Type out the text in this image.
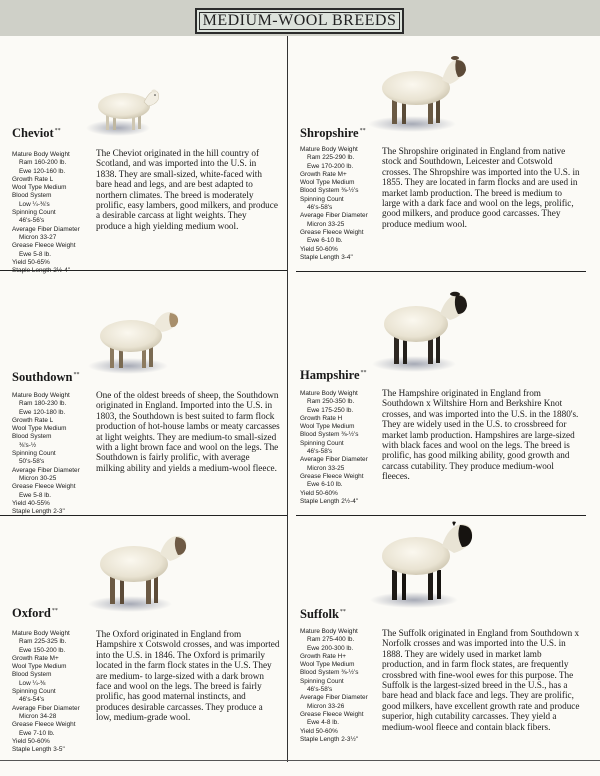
MEDIUM-WOOL BREEDS
Cheviot**
Mature Body Weight
Ram 160-200 lb.
Ewe 120-160 lb.
Growth Rate L
Wool Type Medium
Blood System
Low ¼-⅜'s
Spinning Count
46's-56's
Average Fiber Diameter
Micron 33-27
Grease Fleece Weight
Ewe 5-8 lb.
Yield 50-65%
Staple Length 2½-4"
The Cheviot originated in the hill country of Scotland, and was imported into the U.S. in 1838. They are small-sized, white-faced with bare head and legs, and are best adapted to northern climates. The breed is moderately prolific, easy lambers, good milkers, and produce a desirable carcass at light weights. They produce a high yielding medium wool.
Shropshire**
Mature Body Weight
Ram 225-290 lb.
Ewe 170-200 lb.
Growth Rate M+
Wool Type Medium
Blood System ⅜-½'s
Spinning Count
46's-58's
Average Fiber Diameter
Micron 33-25
Grease Fleece Weight
Ewe 6-10 lb.
Yield 50-60%
Staple Length 3-4"
The Shropshire originated in England from native stock and Southdown, Leicester and Cotswold crosses. The Shropshire was imported into the U.S. in 1855. They are located in farm flocks and are used in market lamb production. The breed is medium to large with a dark face and wool on the legs, prolific, good milkers, and produce good carcasses. They produce medium wool.
Southdown**
Mature Body Weight
Ram 180-230 lb.
Ewe 120-180 lb.
Growth Rate L
Wool Type Medium
Blood System
⅜'s-½
Spinning Count
50's-58's
Average Fiber Diameter
Micron 30-25
Grease Fleece Weight
Ewe 5-8 lb.
Yield 40-55%
Staple Length 2-3"
One of the oldest breeds of sheep, the Southdown originated in England. Imported into the U.S. in 1803, the Southdown is best suited to farm flock production of hot-house lambs or meaty carcasses at light weights. They are medium-to small-sized with a light brown face and wool on the legs. The Southdown is fairly prolific, with average milking ability and yields a medium-wool fleece.
Hampshire**
Mature Body Weight
Ram 250-350 lb.
Ewe 175-250 lb.
Growth Rate H
Wool Type Medium
Blood System ⅜-½'s
Spinning Count
46's-58's
Average Fiber Diameter
Micron 33-25
Grease Fleece Weight
Ewe 6-10 lb.
Yield 50-60%
Staple Length 2½-4"
The Hampshire originated in England from Southdown x Wiltshire Horn and Berkshire Knot crosses, and was imported into the U.S. in the 1880's. They are widely used in the U.S. to crossbreed for market lamb production. Hampshires are large-sized with black faces and wool on the legs. The breed is prolific, has good milking ability, good growth and carcass cutability. They produce medium-wool fleeces.
Oxford**
Mature Body Weight
Ram 225-325 lb.
Ewe 150-200 lb.
Growth Rate M+
Wool Type Medium
Blood System
Low ¼-⅜
Spinning Count
46's-54's
Average Fiber Diameter
Micron 34-28
Grease Fleece Weight
Ewe 7-10 lb.
Yield 50-60%
Staple Length 3-5"
The Oxford originated in England from Hampshire x Cotswold crosses, and was imported into the U.S. in 1846. The Oxford is primarily located in the farm flock states in the U.S. They are medium- to large-sized with a dark brown face and wool on the legs. The breed is fairly prolific, has good maternal instincts, and produces desirable carcasses. They produce a low, medium-grade wool.
Suffolk**
Mature Body Weight
Ram 275-400 lb.
Ewe 200-300 lb.
Growth Rate H+
Wool Type Medium
Blood System ⅜-½'s
Spinning Count
46's-58's
Average Fiber Diameter
Micron 33-26
Grease Fleece Weight
Ewe 4-8 lb.
Yield 50-60%
Staple Length 2-3½"
The Suffolk originated in England from Southdown x Norfolk crosses and was imported into the U.S. in 1888. They are widely used in market lamb production, and in farm flock states, are frequently crossbred with fine-wool ewes for this purpose. The Suffolk is the largest-sized breed in the U.S., has a bare head and black face and legs. They are prolific, good milkers, have excellent growth rate and produce superior, high cutability carcasses. They yield a medium-wool fleece and contain black fibers.
